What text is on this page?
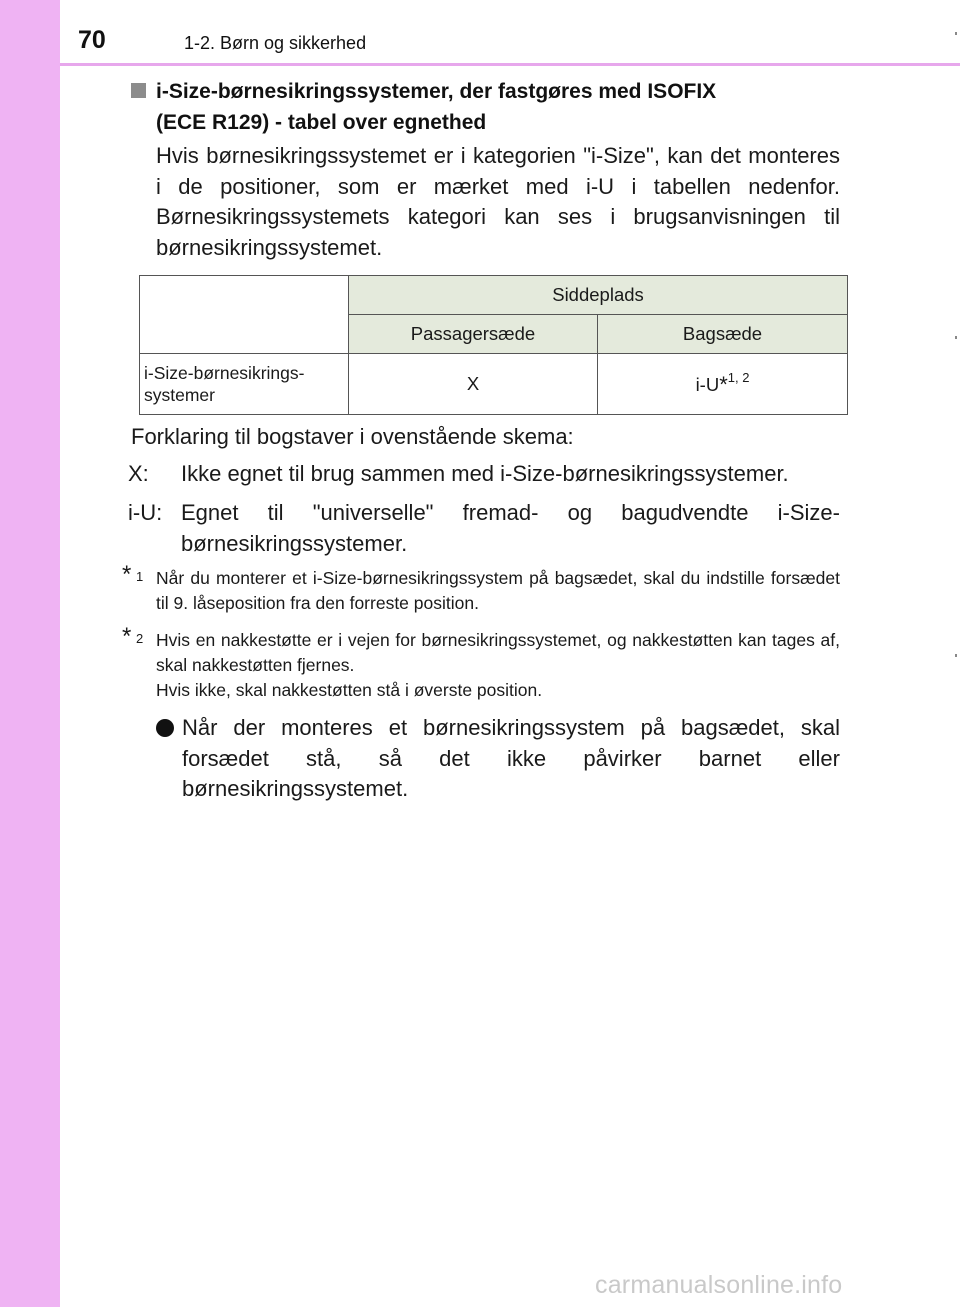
70	1-2. Børn og sikkerhed
i-Size-børnesikringssystemer, der fastgøres med ISOFIX
(ECE R129) - tabel over egnethed
Hvis børnesikringssystemet er i kategorien "i-Size", kan det monteres i de positioner, som er mærket med i-U i tabellen nedenfor. Børnesikringssystemets kategori kan ses i brugsanvisningen til børnesikringssystemet.
	Siddeplads	
	Passagersæde	Bagsæde

i-Size-børnesikrings-
systemer	X	i-U*$^{1, 2}$
Forklaring til bogstaver i ovenstående skema:
X: Ikke egnet til brug sammen med i-Size-børnesikringssystemer.
i-U: Egnet til "universelle" fremad- og bagudvendte i-Size-børnesikringssystemer.
* 1 Når du monterer et i-Size-børnesikringssystem på bagsædet, skal du indstille forsædet til 9. låseposition fra den forreste position.

* 2 Hvis en nakkestøtte er i vejen for børnesikringssystemet, og nakkestøtten kan tages af, skal nakkestøtten fjernes.

Hvis ikke, skal nakkestøtten stå i øverste position.

Når der monteres et børnesikringssystem på bagsædet, skal forsædet stå, så det ikke påvirker barnet eller børnesikringssystemet.
carmanualsonline.info
